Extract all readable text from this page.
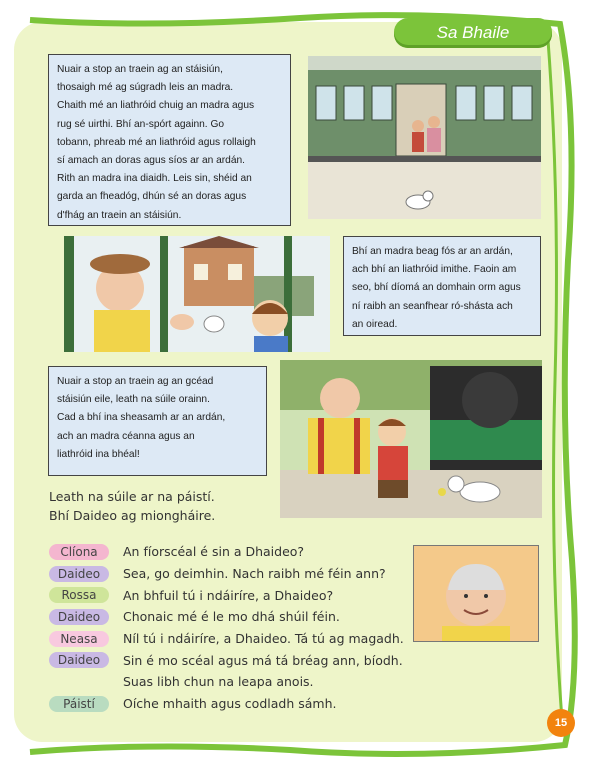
Sa Bhaile
Nuair a stop an traein ag an stáisiún,
thosaigh mé ag súgradh leis an madra.
Chaith mé an liathróid chuig an madra agus
rug sé uirthi. Bhí an-spórt againn. Go
tobann, phreab mé an liathróid agus rollaigh
sí amach an doras agus síos ar an ardán.
Rith an madra ina diaidh. Leis sin, shéid an
garda an fheadóg, dhún sé an doras agus
d'fhág an traein an stáisiún.
Bhí an madra beag fós ar an ardán,
ach bhí an liathróid imithe. Faoin am
seo, bhí díomá an domhain orm agus
ní raibh an seanfhear ró-shásta ach
an oiread.
Nuair a stop an traein ag an gcéad
stáisiún eile, leath na súile orainn.
Cad a bhí ina sheasamh ar an ardán,
ach an madra céanna agus an
liathróid ina bhéal!
Leath na súile ar na páistí.
Bhí Daideo ag miongháire.
Clíona	An fíorscéal é sin a Dhaideo?
Daideo	Sea, go deimhin. Nach raibh mé féin ann?
Rossa	An bhfuil tú i ndáiríre, a Dhaideo?
Daideo	Chonaic mé é le mo dhá shúil féin.
Neasa	Níl tú i ndáiríre, a Dhaideo. Tá tú ag magadh.
Daideo	Sin é mo scéal agus má tá bréag ann, bíodh.
Suas libh chun na leapa anois.
Páistí	Oíche mhaith agus codladh sámh.
15
